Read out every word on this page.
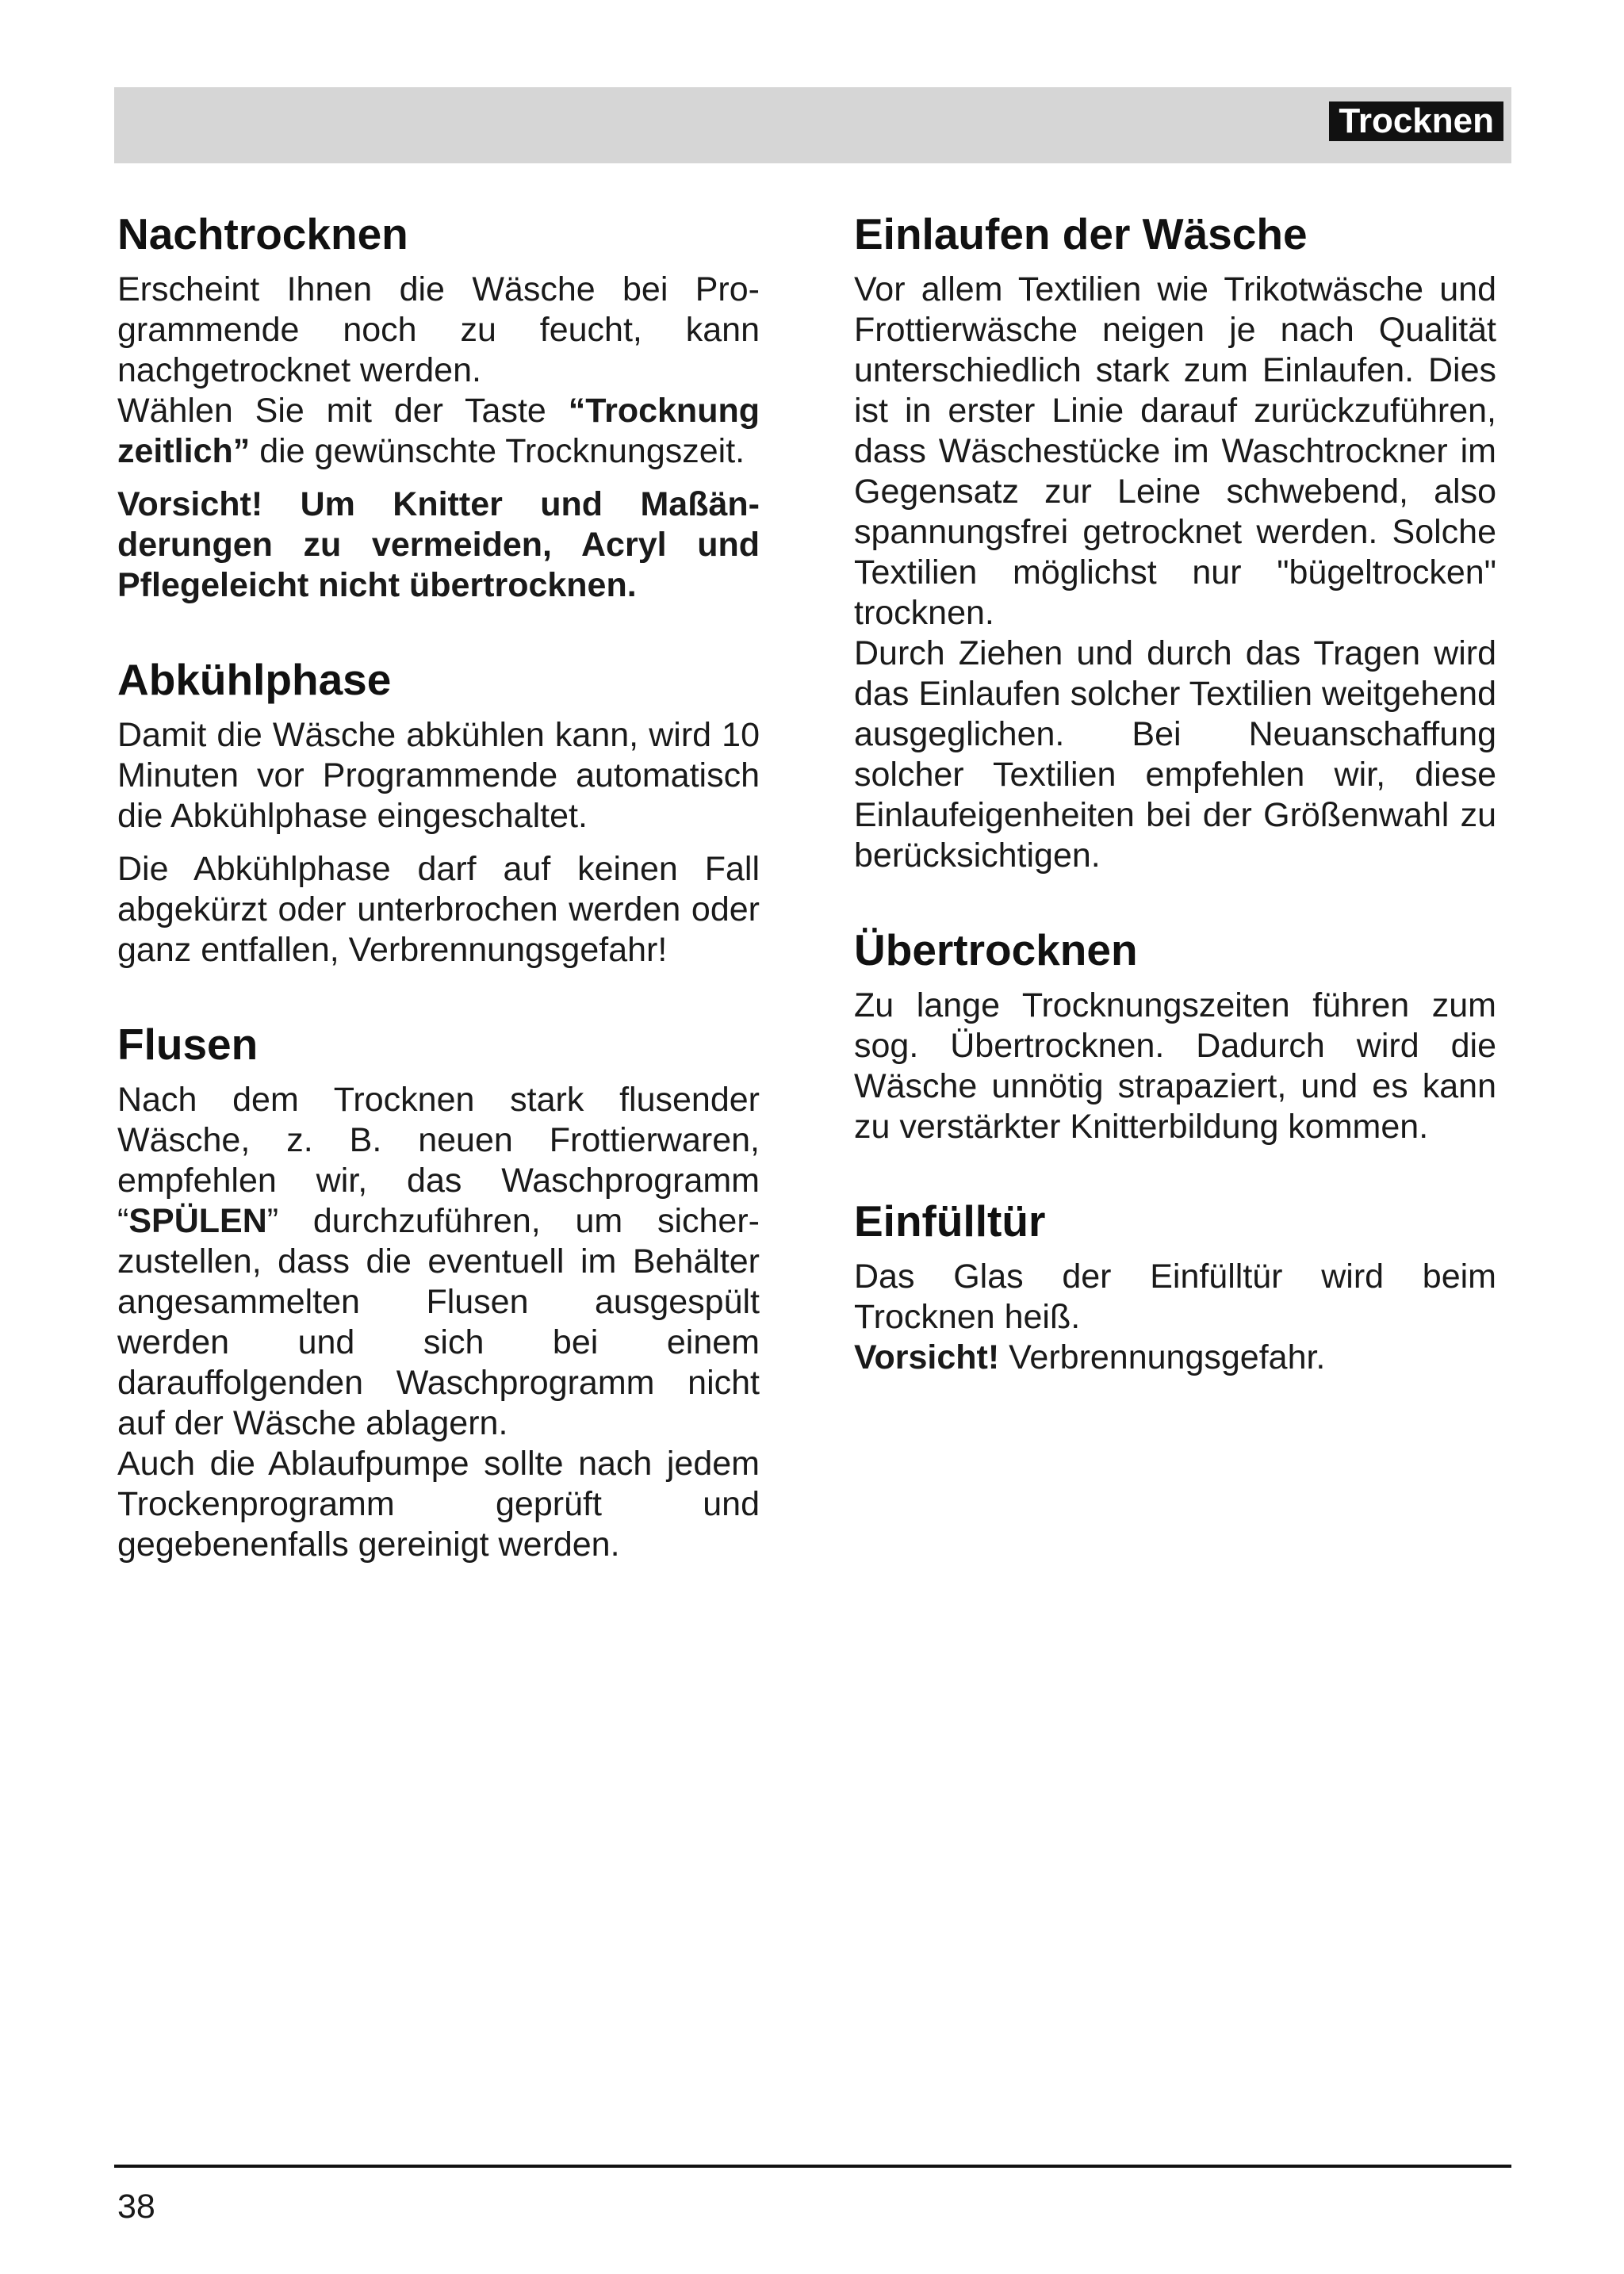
Trocknen
Nachtrocknen

Erscheint Ihnen die Wäsche bei Programmende noch zu feucht, kann nachgetrocknet werden.

Wählen Sie mit der Taste “Trocknung zeitlich” die gewünschte Trocknungszeit.

Vorsicht! Um Knitter und Maßänderungen zu vermeiden, Acryl und Pflegeleicht nicht übertrocknen.

Abkühlphase

Damit die Wäsche abkühlen kann, wird 10 Minuten vor Programmende automatisch die Abkühlphase eingeschaltet.

Die Abkühlphase darf auf keinen Fall abgekürzt oder unterbrochen werden oder ganz entfallen, Verbrennungsgefahr!

Flusen

Nach dem Trocknen stark flusender Wäsche, z. B. neuen Frottierwaren, empfehlen wir, das Waschprogramm “SPÜLEN” durchzuführen, um sicherzustellen, dass die eventuell im Behälter angesammelten Flusen ausgespült werden und sich bei einem darauffolgenden Waschprogramm nicht auf der Wäsche ablagern.

Auch die Ablaufpumpe sollte nach jedem Trockenprogramm geprüft und gegebenenfalls gereinigt werden.

Einlaufen der Wäsche

Vor allem Textilien wie Trikotwäsche und Frottierwäsche neigen je nach Qualität unterschiedlich stark zum Einlaufen. Dies ist in erster Linie darauf zurückzuführen, dass Wäschestücke im Waschtrockner im Gegensatz zur Leine schwebend, also spannungsfrei getrocknet werden. Solche Textilien möglichst nur "bügeltrocken" trocknen.

Durch Ziehen und durch das Tragen wird das Einlaufen solcher Textilien weitgehend ausgeglichen. Bei Neuanschaffung solcher Textilien empfehlen wir, diese Einlaufeigenheiten bei der Größenwahl zu berücksichtigen.

Übertrocknen

Zu lange Trocknungszeiten führen zum sog. Übertrocknen. Dadurch wird die Wäsche unnötig strapaziert, und es kann zu verstärkter Knitterbildung kommen.

Einfülltür

Das Glas der Einfülltür wird beim Trocknen heiß.

Vorsicht! Verbrennungsgefahr.

38
